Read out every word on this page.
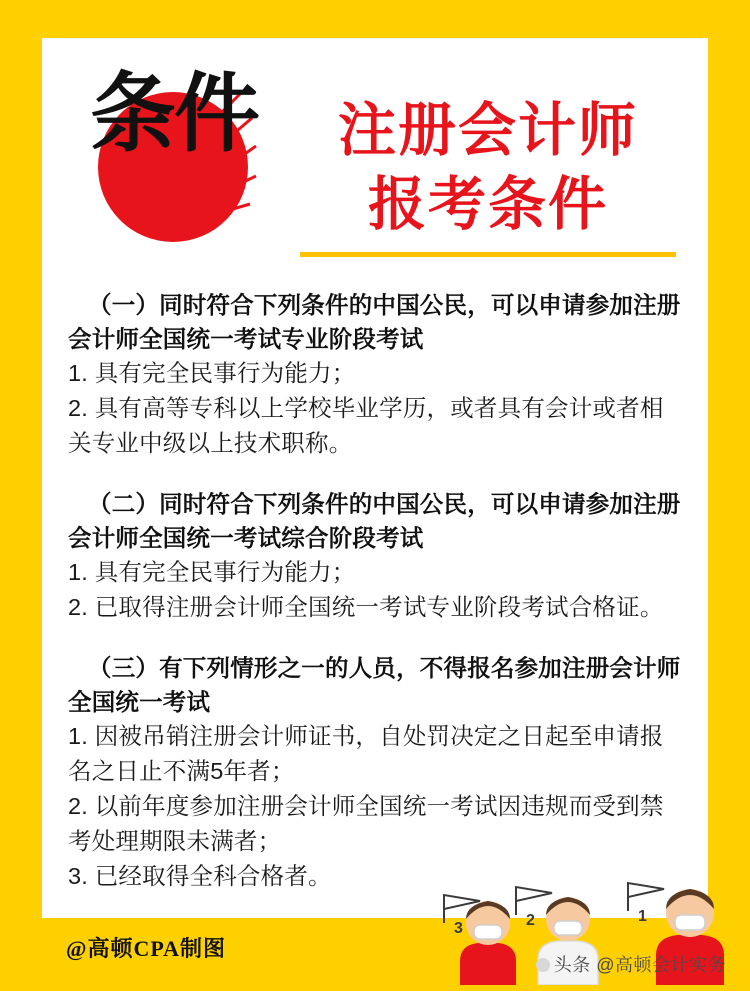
条件	注册会计师
报考条件
（一）同时符合下列条件的中国公民，可以申请参加注册会计师全国统一考试专业阶段考试
1. 具有完全民事行为能力；
2. 具有高等专科以上学校毕业学历，或者具有会计或者相关专业中级以上技术职称。
（二）同时符合下列条件的中国公民，可以申请参加注册会计师全国统一考试综合阶段考试
1. 具有完全民事行为能力；
2. 已取得注册会计师全国统一考试专业阶段考试合格证。
（三）有下列情形之一的人员，不得报名参加注册会计师全国统一考试
1. 因被吊销注册会计师证书，自处罚决定之日起至申请报名之日止不满5年者；
2. 以前年度参加注册会计师全国统一考试因违规而受到禁考处理期限未满者；
3. 已经取得全科合格者。
@高顿CPA制图
3	2	1
头条 @高顿会计实务
